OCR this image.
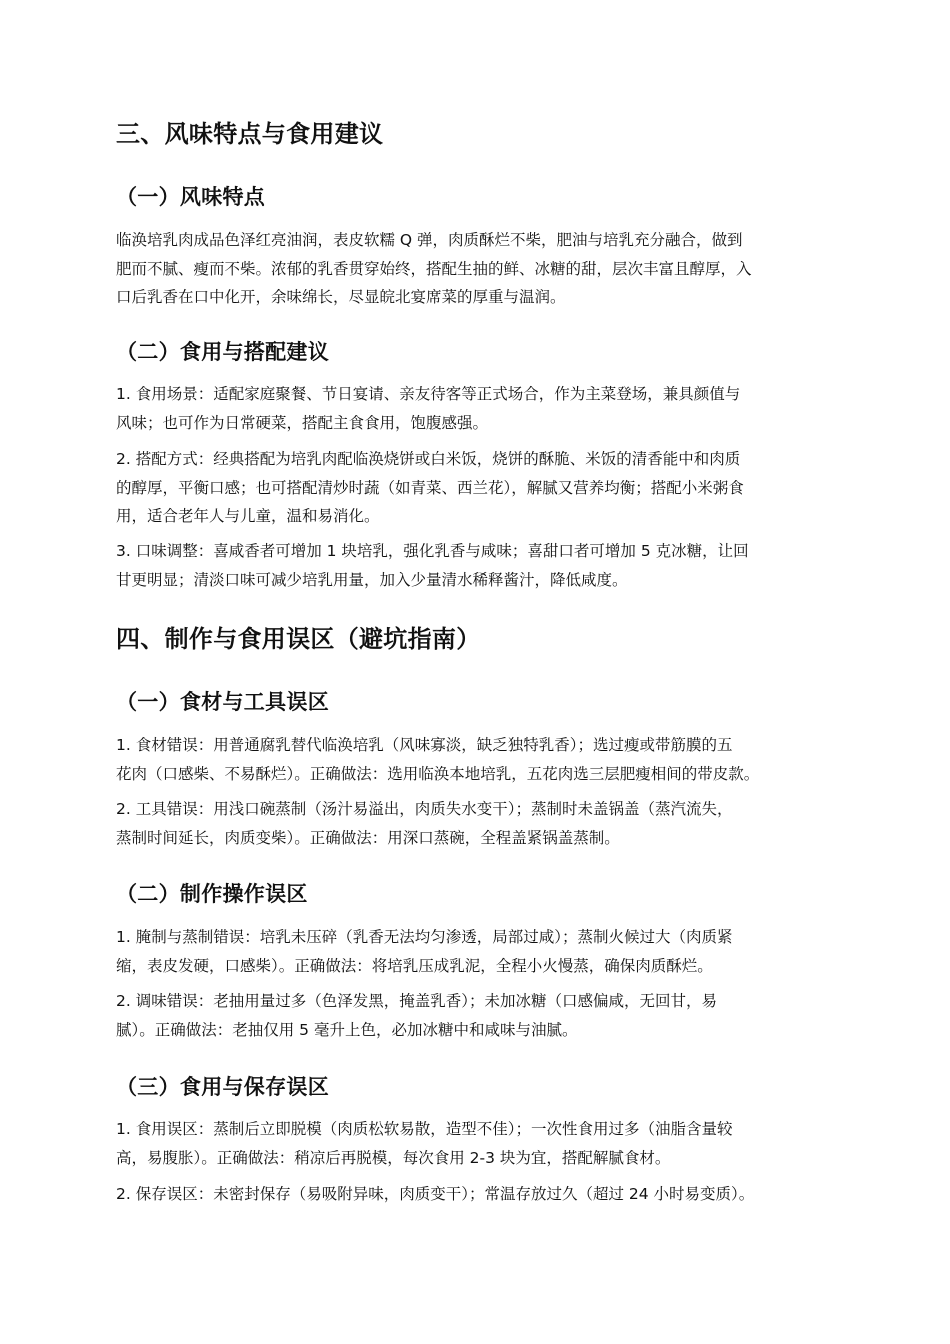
三、风味特点与食用建议
（一）风味特点
临涣培乳肉成品色泽红亮油润，表皮软糯 Q 弹，肉质酥烂不柴，肥油与培乳充分融合，做到
肥而不腻、瘦而不柴。浓郁的乳香贯穿始终，搭配生抽的鲜、冰糖的甜，层次丰富且醇厚，入
口后乳香在口中化开，余味绵长，尽显皖北宴席菜的厚重与温润。
（二）食用与搭配建议
1. 食用场景：适配家庭聚餐、节日宴请、亲友待客等正式场合，作为主菜登场，兼具颜值与
风味；也可作为日常硬菜，搭配主食食用，饱腹感强。
2. 搭配方式：经典搭配为培乳肉配临涣烧饼或白米饭，烧饼的酥脆、米饭的清香能中和肉质
的醇厚，平衡口感；也可搭配清炒时蔬（如青菜、西兰花），解腻又营养均衡；搭配小米粥食
用，适合老年人与儿童，温和易消化。
3. 口味调整：喜咸香者可增加 1 块培乳，强化乳香与咸味；喜甜口者可增加 5 克冰糖，让回
甘更明显；清淡口味可减少培乳用量，加入少量清水稀释酱汁，降低咸度。
四、制作与食用误区（避坑指南）
（一）食材与工具误区
1. 食材错误：用普通腐乳替代临涣培乳（风味寡淡，缺乏独特乳香）；选过瘦或带筋膜的五
花肉（口感柴、不易酥烂）。正确做法：选用临涣本地培乳，五花肉选三层肥瘦相间的带皮款。
2. 工具错误：用浅口碗蒸制（汤汁易溢出，肉质失水变干）；蒸制时未盖锅盖（蒸汽流失，
蒸制时间延长，肉质变柴）。正确做法：用深口蒸碗，全程盖紧锅盖蒸制。
（二）制作操作误区
1. 腌制与蒸制错误：培乳未压碎（乳香无法均匀渗透，局部过咸）；蒸制火候过大（肉质紧
缩，表皮发硬，口感柴）。正确做法：将培乳压成乳泥，全程小火慢蒸，确保肉质酥烂。
2. 调味错误：老抽用量过多（色泽发黑，掩盖乳香）；未加冰糖（口感偏咸，无回甘，易
腻）。正确做法：老抽仅用 5 毫升上色，必加冰糖中和咸味与油腻。
（三）食用与保存误区
1. 食用误区：蒸制后立即脱模（肉质松软易散，造型不佳）；一次性食用过多（油脂含量较
高，易腹胀）。正确做法：稍凉后再脱模，每次食用 2-3 块为宜，搭配解腻食材。
2. 保存误区：未密封保存（易吸附异味，肉质变干）；常温存放过久（超过 24 小时易变质）。
